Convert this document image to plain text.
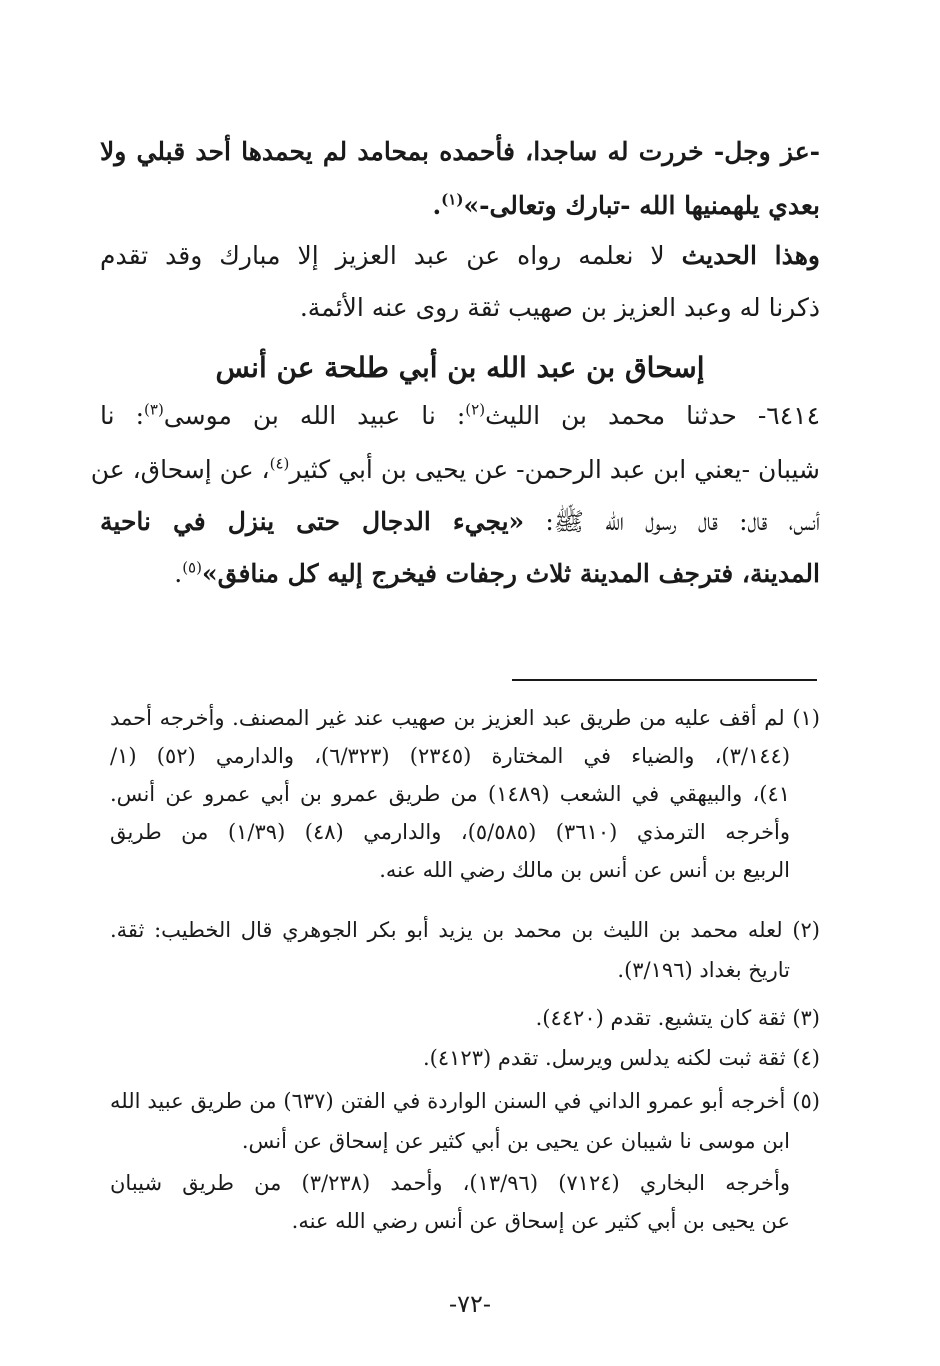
-عز وجل- خررت له ساجدا، فأحمده بمحامد لم يحمدها أحد قبلي ولا
بعدي يلهمنيها الله -تبارك وتعالى-»$^{(١)}$.
وهذا الحديث لا نعلمه رواه عن عبد العزيز إلا مبارك وقد تقدم
ذكرنا له وعبد العزيز بن صهيب ثقة روى عنه الأئمة.
إسحاق بن عبد الله بن أبي طلحة عن أنس
٦٤١٤- حدثنا محمد بن الليث$^{(٢)}$: نا عبيد الله بن موسى$^{(٣)}$: نا
شيبان -يعني ابن عبد الرحمن- عن يحيى بن أبي كثير$^{(٤)}$، عن إسحاق، عن
أنس، قال: قال رسول الله ﷺ: «يجيء الدجال حتى ينزل في ناحية
المدينة، فترجف المدينة ثلاث رجفات فيخرج إليه كل منافق»$^{(٥)}$.
(١) لم أقف عليه من طريق عبد العزيز بن صهيب عند غير المصنف. وأخرجه أحمد
(٣/١٤٤)، والضياء في المختارة (٢٣٤٥) (٦/٣٢٣)، والدارمي (٥٢) (١/
٤١)، والبيهقي في الشعب (١٤٨٩) من طريق عمرو بن أبي عمرو عن أنس.
وأخرجه الترمذي (٣٦١٠) (٥/٥٨٥)، والدارمي (٤٨) (١/٣٩) من طريق
الربيع بن أنس عن أنس بن مالك رضي الله عنه.
(٢) لعله محمد بن الليث بن محمد بن يزيد أبو بكر الجوهري قال الخطيب: ثقة.
تاريخ بغداد (٣/١٩٦).
(٣) ثقة كان يتشيع. تقدم (٤٤٢٠).
(٤) ثقة ثبت لكنه يدلس ويرسل. تقدم (٤١٢٣).
(٥) أخرجه أبو عمرو الداني في السنن الواردة في الفتن (٦٣٧) من طريق عبيد الله
ابن موسى نا شيبان عن يحيى بن أبي كثير عن إسحاق عن أنس.
وأخرجه البخاري (٧١٢٤) (١٣/٩٦)، وأحمد (٣/٢٣٨) من طريق شيبان
عن يحيى بن أبي كثير عن إسحاق عن أنس رضي الله عنه.
-٧٢-
